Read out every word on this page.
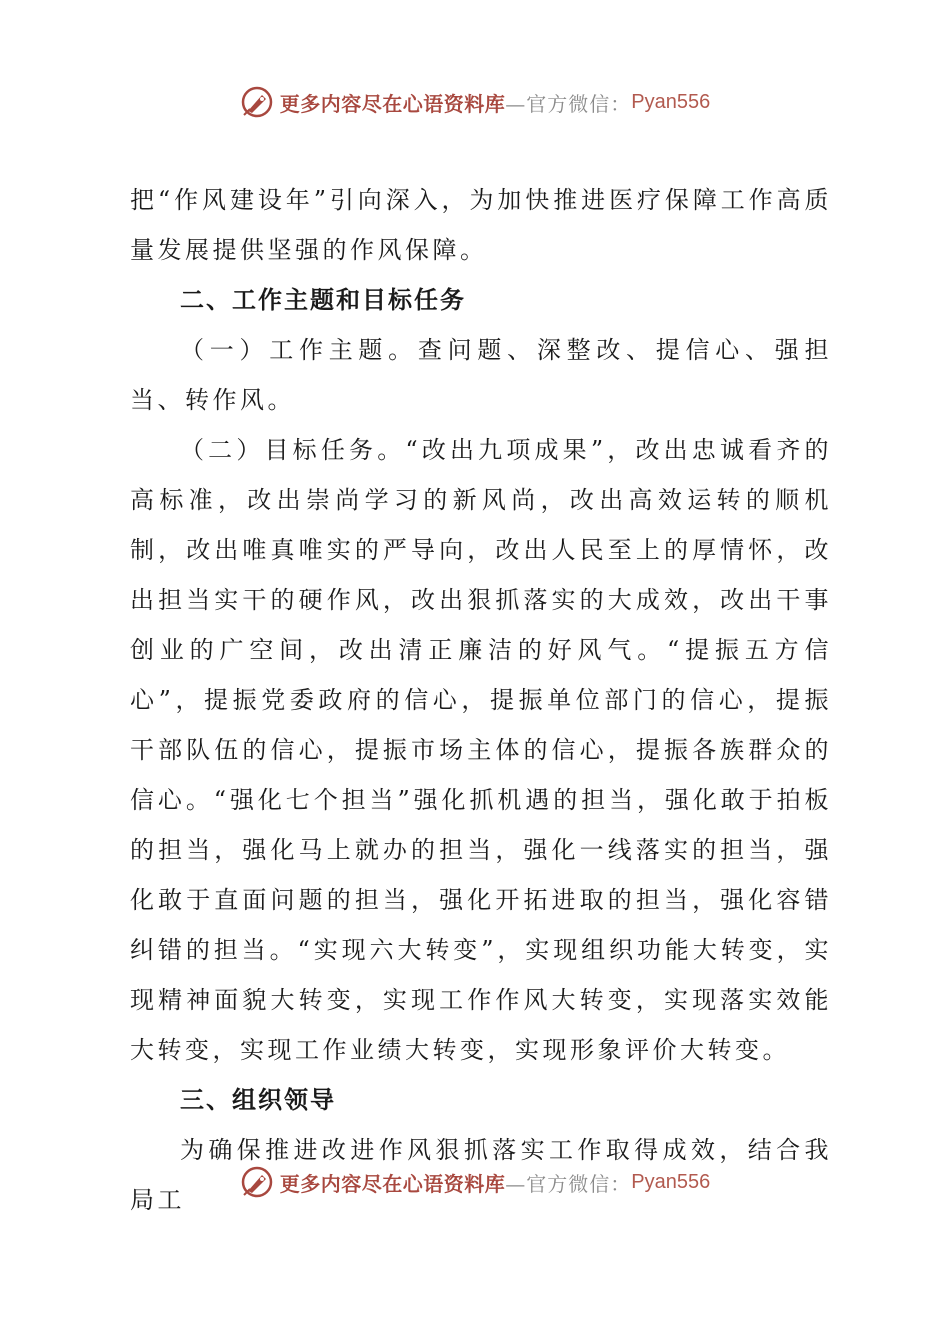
更多内容尽在心语资料库 —官方微信： Pyan556

把“作风建设年”引向深入，为加快推进医疗保障工作高质量发展提供坚强的作风保障。

二、工作主题和目标任务

（一）工作主题。查问题、深整改、提信心、强担当、转作风。

（二）目标任务。“改出九项成果”，改出忠诚看齐的高标准，改出崇尚学习的新风尚，改出高效运转的顺机制，改出唯真唯实的严导向，改出人民至上的厚情怀，改出担当实干的硬作风，改出狠抓落实的大成效，改出干事创业的广空间，改出清正廉洁的好风气。“提振五方信心”，提振党委政府的信心，提振单位部门的信心，提振干部队伍的信心，提振市场主体的信心，提振各族群众的信心。“强化七个担当”强化抓机遇的担当，强化敢于拍板的担当，强化马上就办的担当，强化一线落实的担当，强化敢于直面问题的担当，强化开拓进取的担当，强化容错纠错的担当。“实现六大转变”，实现组织功能大转变，实现精神面貌大转变，实现工作作风大转变，实现落实效能大转变，实现工作业绩大转变，实现形象评价大转变。

三、组织领导

为确保推进改进作风狠抓落实工作取得成效，结合我局工

更多内容尽在心语资料库 —官方微信： Pyan556
